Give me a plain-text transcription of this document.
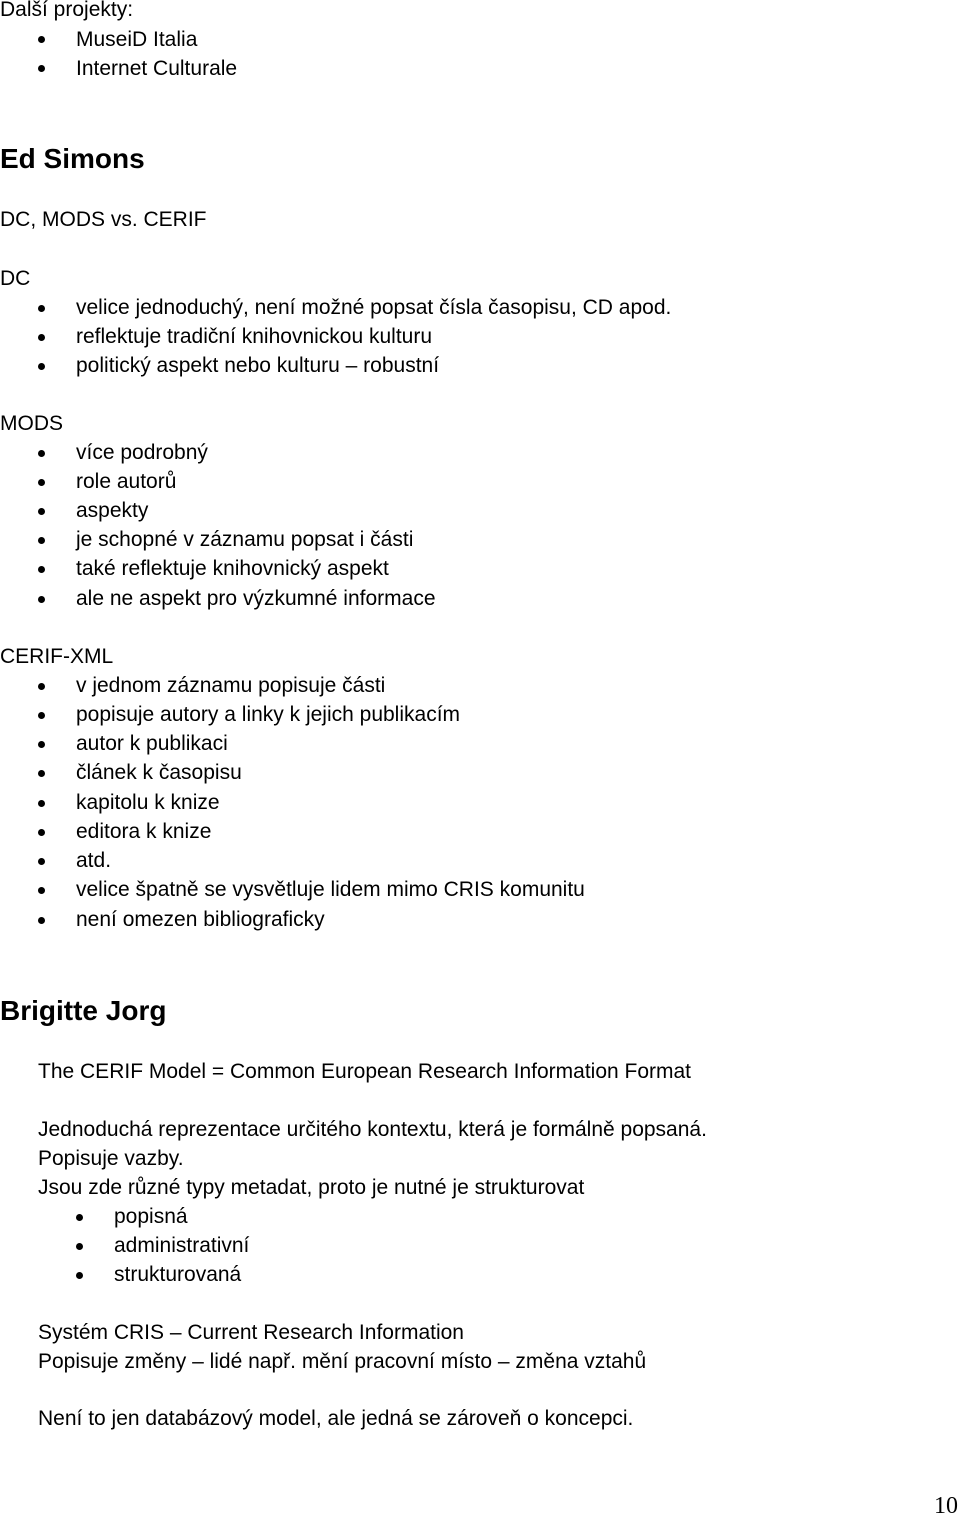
Další projekty:
MuseiD Italia
Internet Culturale
Ed Simons
DC, MODS vs. CERIF
DC
velice jednoduchý, není možné popsat čísla časopisu, CD apod.
reflektuje tradiční knihovnickou kulturu
politický aspekt nebo kulturu – robustní
MODS
více podrobný
role autorů
aspekty
je schopné v záznamu popsat i části
také reflektuje knihovnický aspekt
ale ne aspekt pro výzkumné informace
CERIF-XML
v jednom záznamu popisuje části
popisuje autory a linky k jejich publikacím
autor k publikaci
článek k časopisu
kapitolu k knize
editora k knize
atd.
velice špatně se vysvětluje lidem mimo CRIS komunitu
není omezen bibliograficky
Brigitte Jorg
The CERIF Model = Common European Research Information Format
Jednoduchá reprezentace určitého kontextu, která je formálně popsaná.
Popisuje vazby.
Jsou zde různé typy metadat, proto je nutné je strukturovat
popisná
administrativní
strukturovaná
Systém CRIS – Current Research Information
Popisuje změny – lidé např. mění pracovní místo – změna vztahů
Není to jen databázový model, ale jedná se zároveň o koncepci.
10
